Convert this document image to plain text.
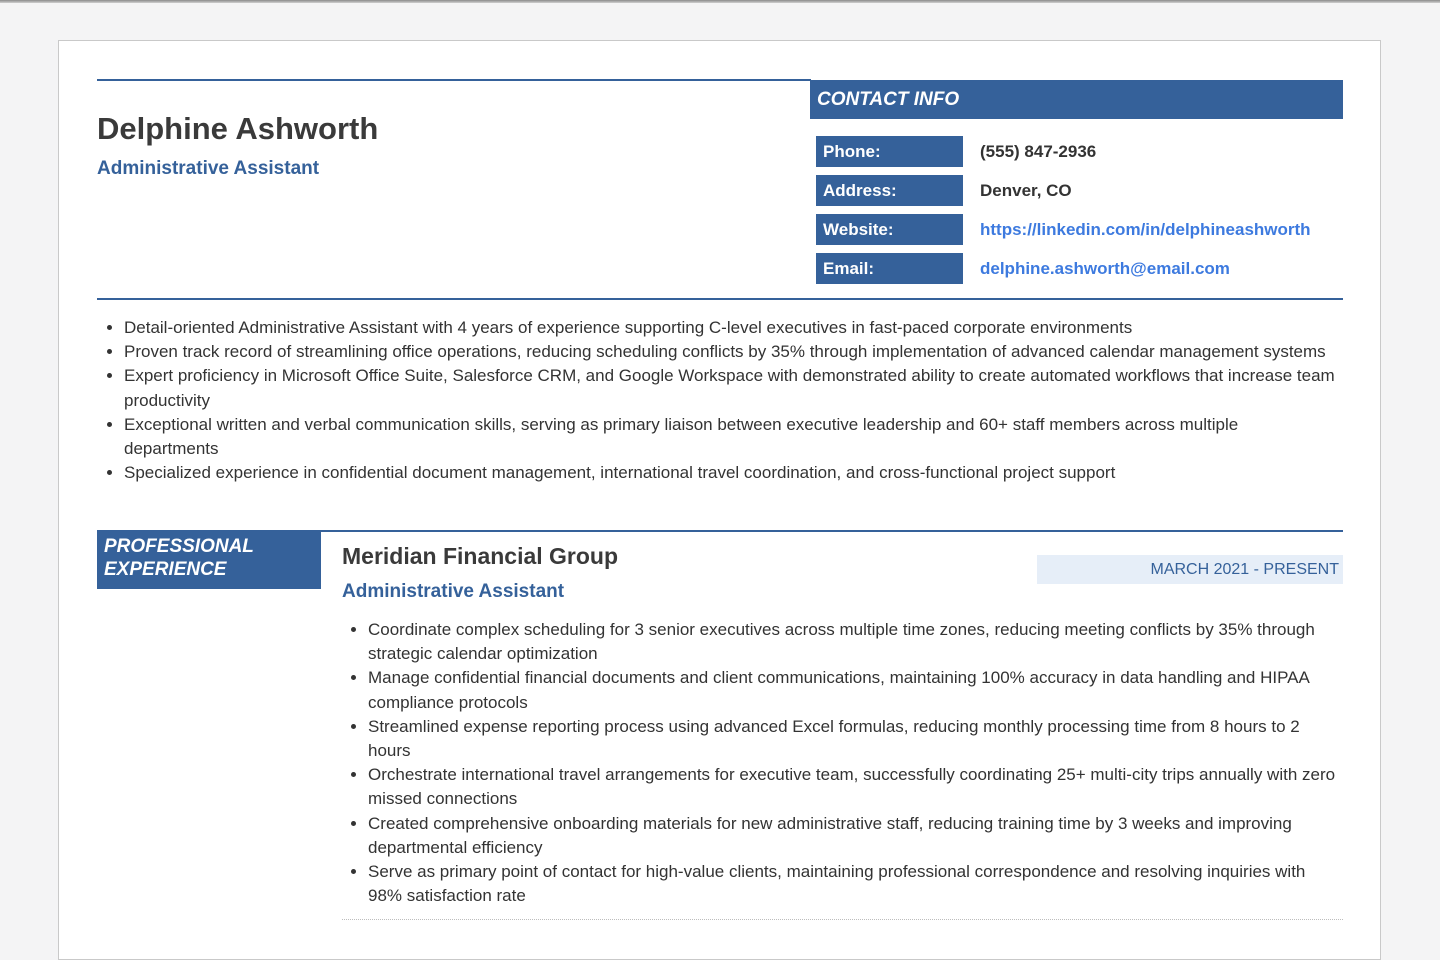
Delphine Ashworth
Administrative Assistant
CONTACT INFO
Phone:	(555) 847-2936
Address:	Denver, CO
Website:	https://linkedin.com/in/delphineashworth
Email:	delphine.ashworth@email.com
• Detail-oriented Administrative Assistant with 4 years of experience supporting C-level executives in fast-paced corporate environments
• Proven track record of streamlining office operations, reducing scheduling conflicts by 35% through implementation of advanced calendar management systems
• Expert proficiency in Microsoft Office Suite, Salesforce CRM, and Google Workspace with demonstrated ability to create automated workflows that increase team productivity
• Exceptional written and verbal communication skills, serving as primary liaison between executive leadership and 60+ staff members across multiple departments
• Specialized experience in confidential document management, international travel coordination, and cross-functional project support
PROFESSIONAL
EXPERIENCE
Meridian Financial Group
MARCH 2021 - PRESENT
Administrative Assistant
• Coordinate complex scheduling for 3 senior executives across multiple time zones, reducing meeting conflicts by 35% through strategic calendar optimization
• Manage confidential financial documents and client communications, maintaining 100% accuracy in data handling and HIPAA compliance protocols
• Streamlined expense reporting process using advanced Excel formulas, reducing monthly processing time from 8 hours to 2 hours
• Orchestrate international travel arrangements for executive team, successfully coordinating 25+ multi-city trips annually with zero missed connections
• Created comprehensive onboarding materials for new administrative staff, reducing training time by 3 weeks and improving departmental efficiency
• Serve as primary point of contact for high-value clients, maintaining professional correspondence and resolving inquiries with 98% satisfaction rate
